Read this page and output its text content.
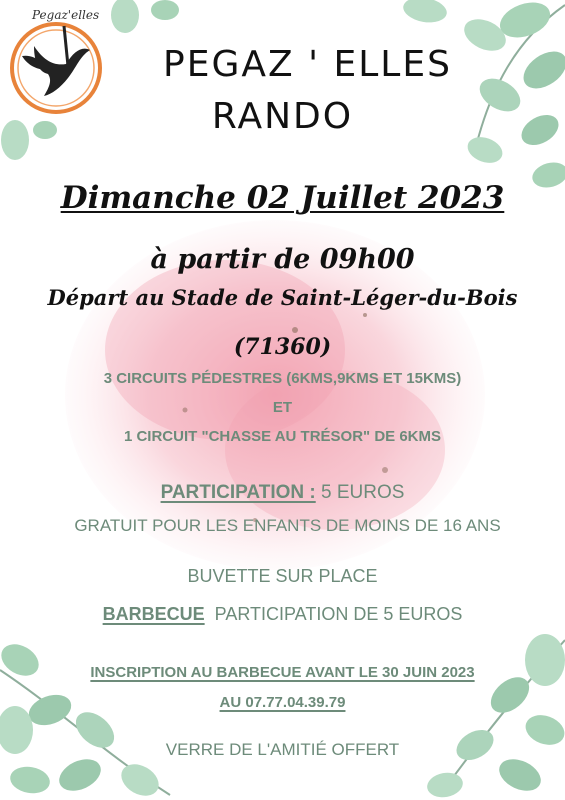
Pegaz'elles
PEGAZ ' ELLES
RANDO
Dimanche 02 Juillet 2023
à partir de 09h00
Départ au Stade de Saint-Léger-du-Bois
(71360)
3 CIRCUITS PÉDESTRES (6KMS,9KMS ET 15KMS)
ET
1 CIRCUIT "CHASSE AU TRÉSOR" DE 6KMS
PARTICIPATION : 5 EUROS
GRATUIT POUR LES ENFANTS DE MOINS DE 16 ANS
BUVETTE SUR PLACE
BARBECUE  PARTICIPATION DE 5 EUROS
INSCRIPTION AU BARBECUE AVANT LE 30 JUIN 2023
AU 07.77.04.39.79
VERRE DE L'AMITIÉ OFFERT
